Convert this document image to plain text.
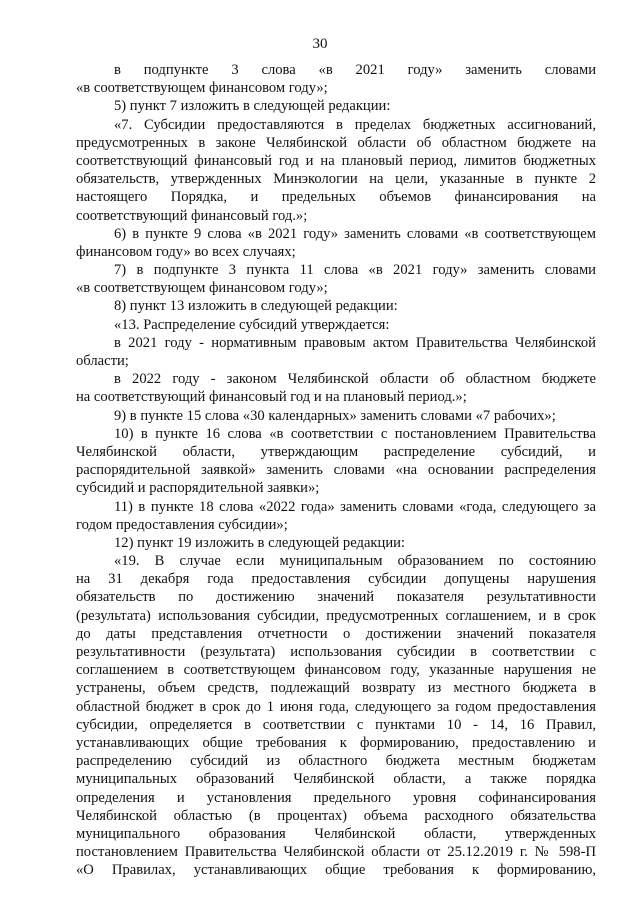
30
в подпункте 3 слова «в 2021 году» заменить словами
«в соответствующем финансовом году»;
5) пункт 7 изложить в следующей редакции:
«7. Субсидии предоставляются в пределах бюджетных ассигнований,
предусмотренных в законе Челябинской области об областном бюджете на
соответствующий финансовый год и на плановый период, лимитов бюджетных
обязательств, утвержденных Минэкологии на цели, указанные в пункте 2
настоящего Порядка, и предельных объемов финансирования на
соответствующий финансовый год.»;
6) в пункте 9 слова «в 2021 году» заменить словами «в соответствующем
финансовом году» во всех случаях;
7) в подпункте 3 пункта 11 слова «в 2021 году» заменить словами
«в соответствующем финансовом году»;
8) пункт 13 изложить в следующей редакции:
«13. Распределение субсидий утверждается:
в 2021 году - нормативным правовым актом Правительства Челябинской
области;
в 2022 году - законом Челябинской области об областном бюджете
на соответствующий финансовый год и на плановый период.»;
9) в пункте 15 слова «30 календарных» заменить словами «7 рабочих»;
10) в пункте 16 слова «в соответствии с постановлением Правительства
Челябинской области, утверждающим распределение субсидий, и
распорядительной заявкой» заменить словами «на основании распределения
субсидий и распорядительной заявки»;
11) в пункте 18 слова «2022 года» заменить словами «года, следующего за
годом предоставления субсидии»;
12) пункт 19 изложить в следующей редакции:
«19. В случае если муниципальным образованием по состоянию
на 31 декабря года предоставления субсидии допущены нарушения
обязательств по достижению значений показателя результативности
(результата) использования субсидии, предусмотренных соглашением, и в срок
до даты представления отчетности о достижении значений показателя
результативности (результата) использования субсидии в соответствии с
соглашением в соответствующем финансовом году, указанные нарушения не
устранены, объем средств, подлежащий возврату из местного бюджета в
областной бюджет в срок до 1 июня года, следующего за годом предоставления
субсидии, определяется в соответствии с пунктами 10 - 14, 16 Правил,
устанавливающих общие требования к формированию, предоставлению и
распределению субсидий из областного бюджета местным бюджетам
муниципальных образований Челябинской области, а также порядка
определения и установления предельного уровня софинансирования
Челябинской областью (в процентах) объема расходного обязательства
муниципального образования Челябинской области, утвержденных
постановлением Правительства Челябинской области от 25.12.2019 г. № 598-П
«О Правилах, устанавливающих общие требования к формированию,
